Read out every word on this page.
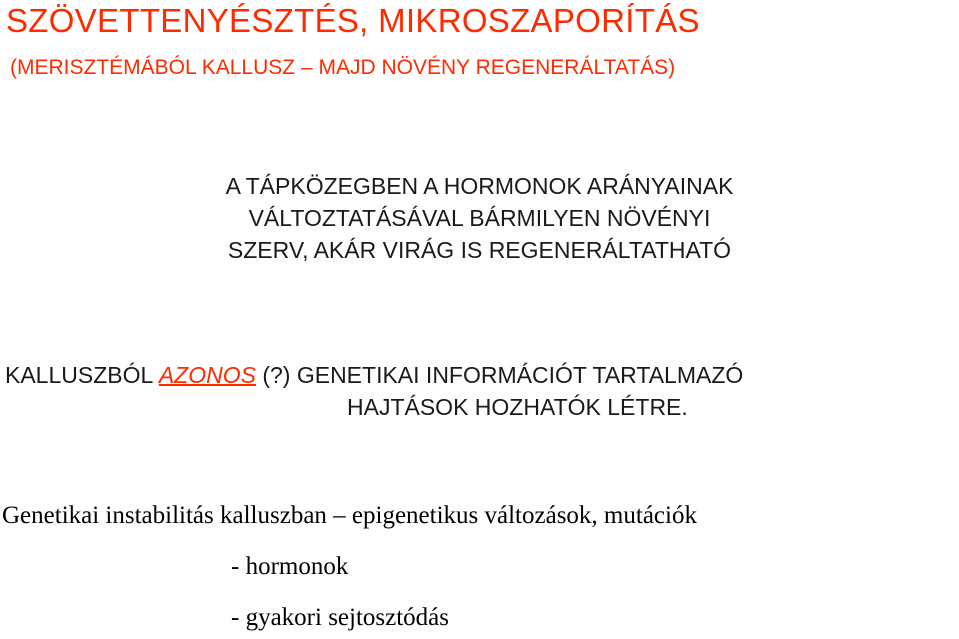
SZÖVETTENYÉSZTÉS, MIKROSZAPORÍTÁS
(MERISZTÉMÁBÓL KALLUSZ – MAJD NÖVÉNY REGENERÁLTATÁS)
A TÁPKÖZEGBEN A HORMONOK ARÁNYAINAK
VÁLTOZTATÁSÁVAL BÁRMILYEN NÖVÉNYI
SZERV, AKÁR VIRÁG IS REGENERÁLTATHATÓ
KALLUSZBÓL AZONOS (?) GENETIKAI INFORMÁCIÓT TARTALMAZÓ
HAJTÁSOK HOZHATÓK LÉTRE.
Genetikai instabilitás kalluszban – epigenetikus változások, mutációk
- hormonok
- gyakori sejtosztódás
